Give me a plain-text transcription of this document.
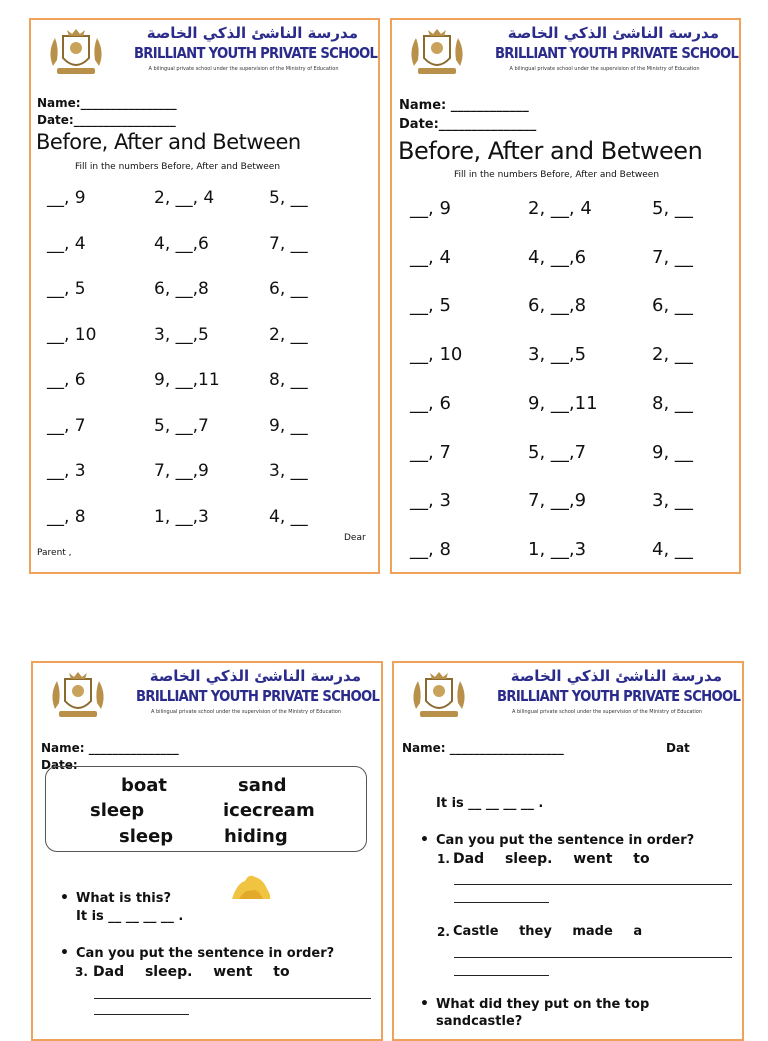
مدرسة الناشئ الذكي الخاصة
BRILLIANT YOUTH PRIVATE SCHOOL
A bilingual private school under the supervision of the Ministry of Education
Name:________________
Date:_________________
Before, After and Between
Fill in the numbers Before, After and Between
__, 9	2, __, 4	5, __
__, 4	4, __,6	7, __
__, 5	6, __,8	6, __
__, 10	3, __,5	2, __
__, 6	9, __,11	8, __
__, 7	5, __,7	9, __
__, 3	7, __,9	3, __
__, 8	1, __,3	4, __
Dear
Parent ,
مدرسة الناشئ الذكي الخاصة
BRILLIANT YOUTH PRIVATE SCHOOL
A bilingual private school under the supervision of the Ministry of Education
Name: ____________
Date:_______________
Before, After and Between
Fill in the numbers Before, After and Between
__, 9	2, __, 4	5, __
__, 4	4, __,6	7, __
__, 5	6, __,8	6, __
__, 10	3, __,5	2, __
__, 6	9, __,11	8, __
__, 7	5, __,7	9, __
__, 3	7, __,9	3, __
__, 8	1, __,3	4, __
مدرسة الناشئ الذكي الخاصة
BRILLIANT YOUTH PRIVATE SCHOOL
A bilingual private school under the supervision of the Ministry of Education
Name: _______________
Date:
boat	sand
sleep	icecream
sleep	hiding
• What is this?
It is __ __ __ __ .
• Can you put the sentence in order?
3. Dad sleep. went to
مدرسة الناشئ الذكي الخاصة
BRILLIANT YOUTH PRIVATE SCHOOL
A bilingual private school under the supervision of the Ministry of Education
Name: ___________________	Dat
It is __ __ __ __ .
• Can you put the sentence in order?
1. Dad sleep. went to
2. Castle they made a
• What did they put on the top
sandcastle?
